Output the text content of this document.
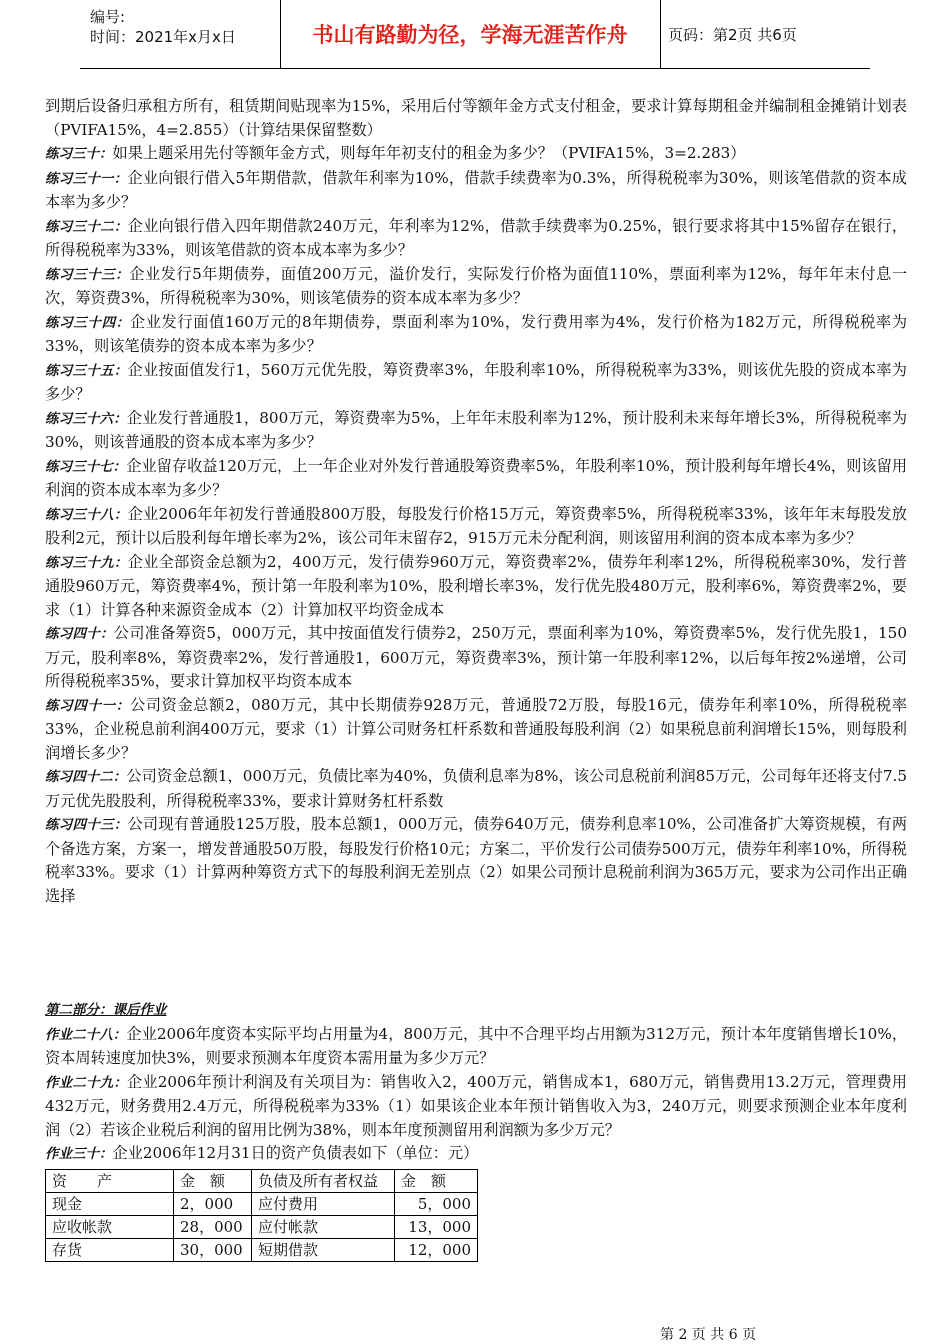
编号:
时间：2021年x月x日	书山有路勤为径，学海无涯苦作舟	页码：第2页 共6页

到期后设备归承租方所有，租赁期间贴现率为15%，采用后付等额年金方式支付租金，要求计算每期租金并编制租金摊销计划表（PVIFA15%，4=2.855）（计算结果保留整数）

练习三十：如果上题采用先付等额年金方式，则每年年初支付的租金为多少？（PVIFA15%，3=2.283）

练习三十一：企业向银行借入5年期借款，借款年利率为10%，借款手续费率为0.3%，所得税税率为30%，则该笔借款的资本成本率为多少？

练习三十二：企业向银行借入四年期借款240万元，年利率为12%，借款手续费率为0.25%，银行要求将其中15%留存在银行，所得税税率为33%，则该笔借款的资本成本率为多少？

练习三十三：企业发行5年期债券，面值200万元，溢价发行，实际发行价格为面值110%，票面利率为12%，每年年末付息一次，筹资费3%，所得税税率为30%，则该笔债券的资本成本率为多少？

练习三十四：企业发行面值160万元的8年期债券，票面利率为10%，发行费用率为4%，发行价格为182万元，所得税税率为33%，则该笔债券的资本成本率为多少？

练习三十五：企业按面值发行1，560万元优先股，筹资费率3%，年股利率10%，所得税税率为33%，则该优先股的资成本率为多少？

练习三十六：企业发行普通股1，800万元，筹资费率为5%，上年年末股利率为12%，预计股利未来每年增长3%，所得税税率为30%，则该普通股的资本成本率为多少？

练习三十七：企业留存收益120万元，上一年企业对外发行普通股筹资费率5%，年股利率10%，预计股利每年增长4%，则该留用利润的资本成本率为多少？

练习三十八：企业2006年年初发行普通股800万股，每股发行价格15万元，筹资费率5%，所得税税率33%，该年年末每股发放股利2元，预计以后股利每年增长率为2%，该公司年末留存2，915万元未分配利润，则该留用利润的资本成本率为多少？

练习三十九：企业全部资金总额为2，400万元，发行债券960万元，筹资费率2%，债券年利率12%，所得税税率30%，发行普通股960万元，筹资费率4%，预计第一年股利率为10%，股利增长率3%，发行优先股480万元，股利率6%，筹资费率2%，要求（1）计算各种来源资金成本（2）计算加权平均资金成本

练习四十：公司准备筹资5，000万元，其中按面值发行债券2，250万元，票面利率为10%，筹资费率5%，发行优先股1，150万元，股利率8%，筹资费率2%，发行普通股1，600万元，筹资费率3%，预计第一年股利率12%，以后每年按2%递增，公司所得税税率35%，要求计算加权平均资本成本

练习四十一：公司资金总额2，080万元，其中长期债券928万元，普通股72万股，每股16元，债券年利率10%，所得税税率33%，企业税息前利润400万元，要求（1）计算公司财务杠杆系数和普通股每股利润（2）如果税息前利润增长15%，则每股利润增长多少？

练习四十二：公司资金总额1，000万元，负债比率为40%，负债利息率为8%，该公司息税前利润85万元，公司每年还将支付7.5万元优先股股利，所得税税率33%，要求计算财务杠杆系数

练习四十三：公司现有普通股125万股，股本总额1，000万元，债券640万元，债券利息率10%，公司准备扩大筹资规模，有两个备选方案，方案一，增发普通股50万股，每股发行价格10元；方案二，平价发行公司债券500万元，债券年利率10%，所得税税率33%。要求（1）计算两种筹资方式下的每股利润无差别点（2）如果公司预计息税前利润为365万元，要求为公司作出正确选择

第二部分：课后作业

作业二十八：企业2006年度资本实际平均占用量为4，800万元，其中不合理平均占用额为312万元，预计本年度销售增长10%，资本周转速度加快3%，则要求预测本年度资本需用量为多少万元？

作业二十九：企业2006年预计利润及有关项目为：销售收入2，400万元，销售成本1，680万元，销售费用13.2万元，管理费用432万元，财务费用2.4万元，所得税税率为33%（1）如果该企业本年预计销售收入为3，240万元，则要求预测企业本年度利润（2）若该企业税后利润的留用比例为38%，则本年度预测留用利润额为多少万元？

作业三十：企业2006年12月31日的资产负债表如下（单位：元）

资　　产	金　额	负债及所有者权益	金　额
现金	2，000	应付费用	5，000
应收帐款	28，000	应付帐款	13，000
存货	30，000	短期借款	12，000
第 2 页 共 6 页
